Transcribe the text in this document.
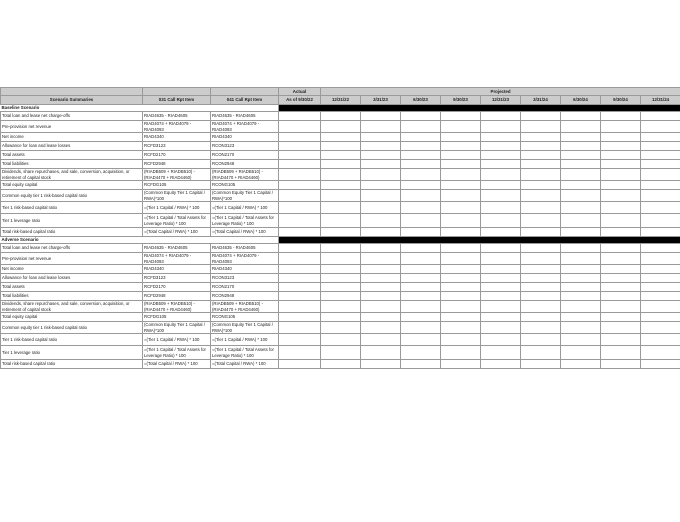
			Actual	Projected								
Scenario Summaries	031 Call Rpt Item	041 Call Rpt Item	As of 9/30/22	12/31/22	3/31/23	6/30/23	9/30/23	12/31/23	3/31/24	6/30/24	9/30/24	12/31/24
Baseline Scenario												
Total loan and lease net charge-offs	RIAD4635 - RIAD4605	RIAD4635 - RIAD4605										
Pre-provision net revenue	RIAD4074 + RIAD4079 - RIAD4093	RIAD4074 + RIAD4079 - RIAD4093										
Net income	RIAD4340	RIAD4340										
Allowance for loan and lease losses	RCFD3123	RCON3123										
Total assets	RCFD2170	RCON2170										
Total liabilities	RCFD2948	RCON2948										
Dividends, share repurchases, and sale, conversion, acquisition, or retirement of capital stock	(RIADB509 + RIADB510) - (RIAD4470 + RIAD4460)	(RIADB509 + RIADB510) - (RIAD4470 + RIAD4460)										
Total equity capital	RCFDG105	RCONG105										
Common equity tier 1 risk-based capital ratio	(Common Equity Tier 1 Capital / RWA)*100	(Common Equity Tier 1 Capital / RWA)*100										
Tier 1 risk-based capital ratio	=(Tier 1 Capital / RWA) * 100	=(Tier 1 Capital / RWA) * 100										
Tier 1 leverage ratio	=(Tier 1 Capital / Total Assets for Leverage Ratio) * 100	=(Tier 1 Capital / Total Assets for Leverage Ratio) * 100										
Total risk-based capital ratio	=(Total Capital / RWA) * 100	=(Total Capital / RWA) * 100										
Adverse Scenario												
Total loan and lease net charge-offs	RIAD4635 - RIAD4605	RIAD4635 - RIAD4605										
Pre-provision net revenue	RIAD4074 + RIAD4079 - RIAD4093	RIAD4074 + RIAD4079 - RIAD4093										
Net income	RIAD4340	RIAD4340										
Allowance for loan and lease losses	RCFD3123	RCON3123										
Total assets	RCFD2170	RCON2170										
Total liabilities	RCFD2948	RCON2948										
Dividends, share repurchases, and sale, conversion, acquisition, or retirement of capital stock	(RIADB509 + RIADB510) - (RIAD4470 + RIAD4460)	(RIADB509 + RIADB510) - (RIAD4470 + RIAD4460)										
Total equity capital	RCFDG105	RCONG105										
Common equity tier 1 risk-based capital ratio	(Common Equity Tier 1 Capital / RWA)*100	(Common Equity Tier 1 Capital / RWA)*100										
Tier 1 risk-based capital ratio	=(Tier 1 Capital / RWA) * 100	=(Tier 1 Capital / RWA) * 100										
Tier 1 leverage ratio	=(Tier 1 Capital / Total Assets for Leverage Ratio) * 100	=(Tier 1 Capital / Total Assets for Leverage Ratio) * 100										
Total risk-based capital ratio	=(Total Capital / RWA) * 100	=(Total Capital / RWA) * 100										
